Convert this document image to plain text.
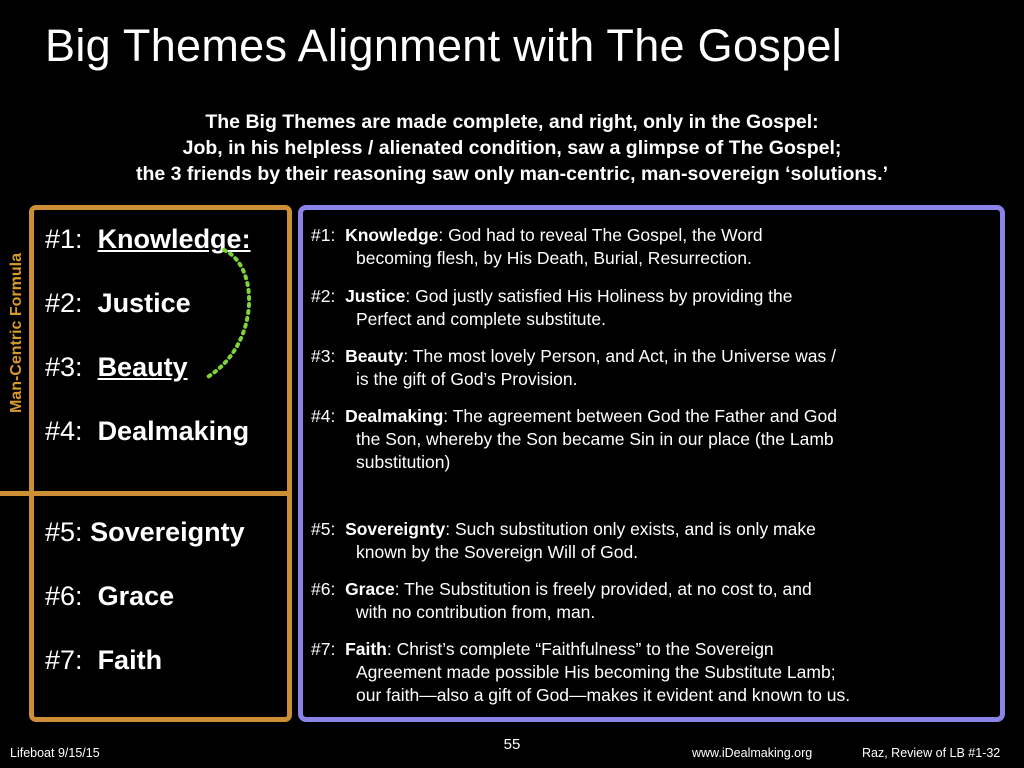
Big Themes Alignment with The Gospel
The Big Themes are made complete, and right, only in the Gospel:
Job, in his helpless / alienated condition, saw a glimpse of The Gospel;
the 3 friends by their reasoning saw only man-centric, man-sovereign ‘solutions.’
Man-Centric Formula
#1: Knowledge:
#2: Justice
#3: Beauty
#4: Dealmaking
#5: Sovereignty
#6: Grace
#7: Faith
#1: Knowledge: God had to reveal The Gospel, the Word
becoming flesh, by His Death, Burial, Resurrection.
#2: Justice: God justly satisfied His Holiness by providing the
Perfect and complete substitute.
#3: Beauty: The most lovely Person, and Act, in the Universe was /
is the gift of God’s Provision.
#4: Dealmaking: The agreement between God the Father and God
the Son, whereby the Son became Sin in our place (the Lamb
substitution)
#5: Sovereignty: Such substitution only exists, and is only make
known by the Sovereign Will of God.
#6: Grace: The Substitution is freely provided, at no cost to, and
with no contribution from, man.
#7: Faith: Christ’s complete “Faithfulness” to the Sovereign
Agreement made possible His becoming the Substitute Lamb;
our faith—also a gift of God—makes it evident and known to us.
Lifeboat 9/15/15	55	www.iDealmaking.org	Raz, Review of LB #1-32
